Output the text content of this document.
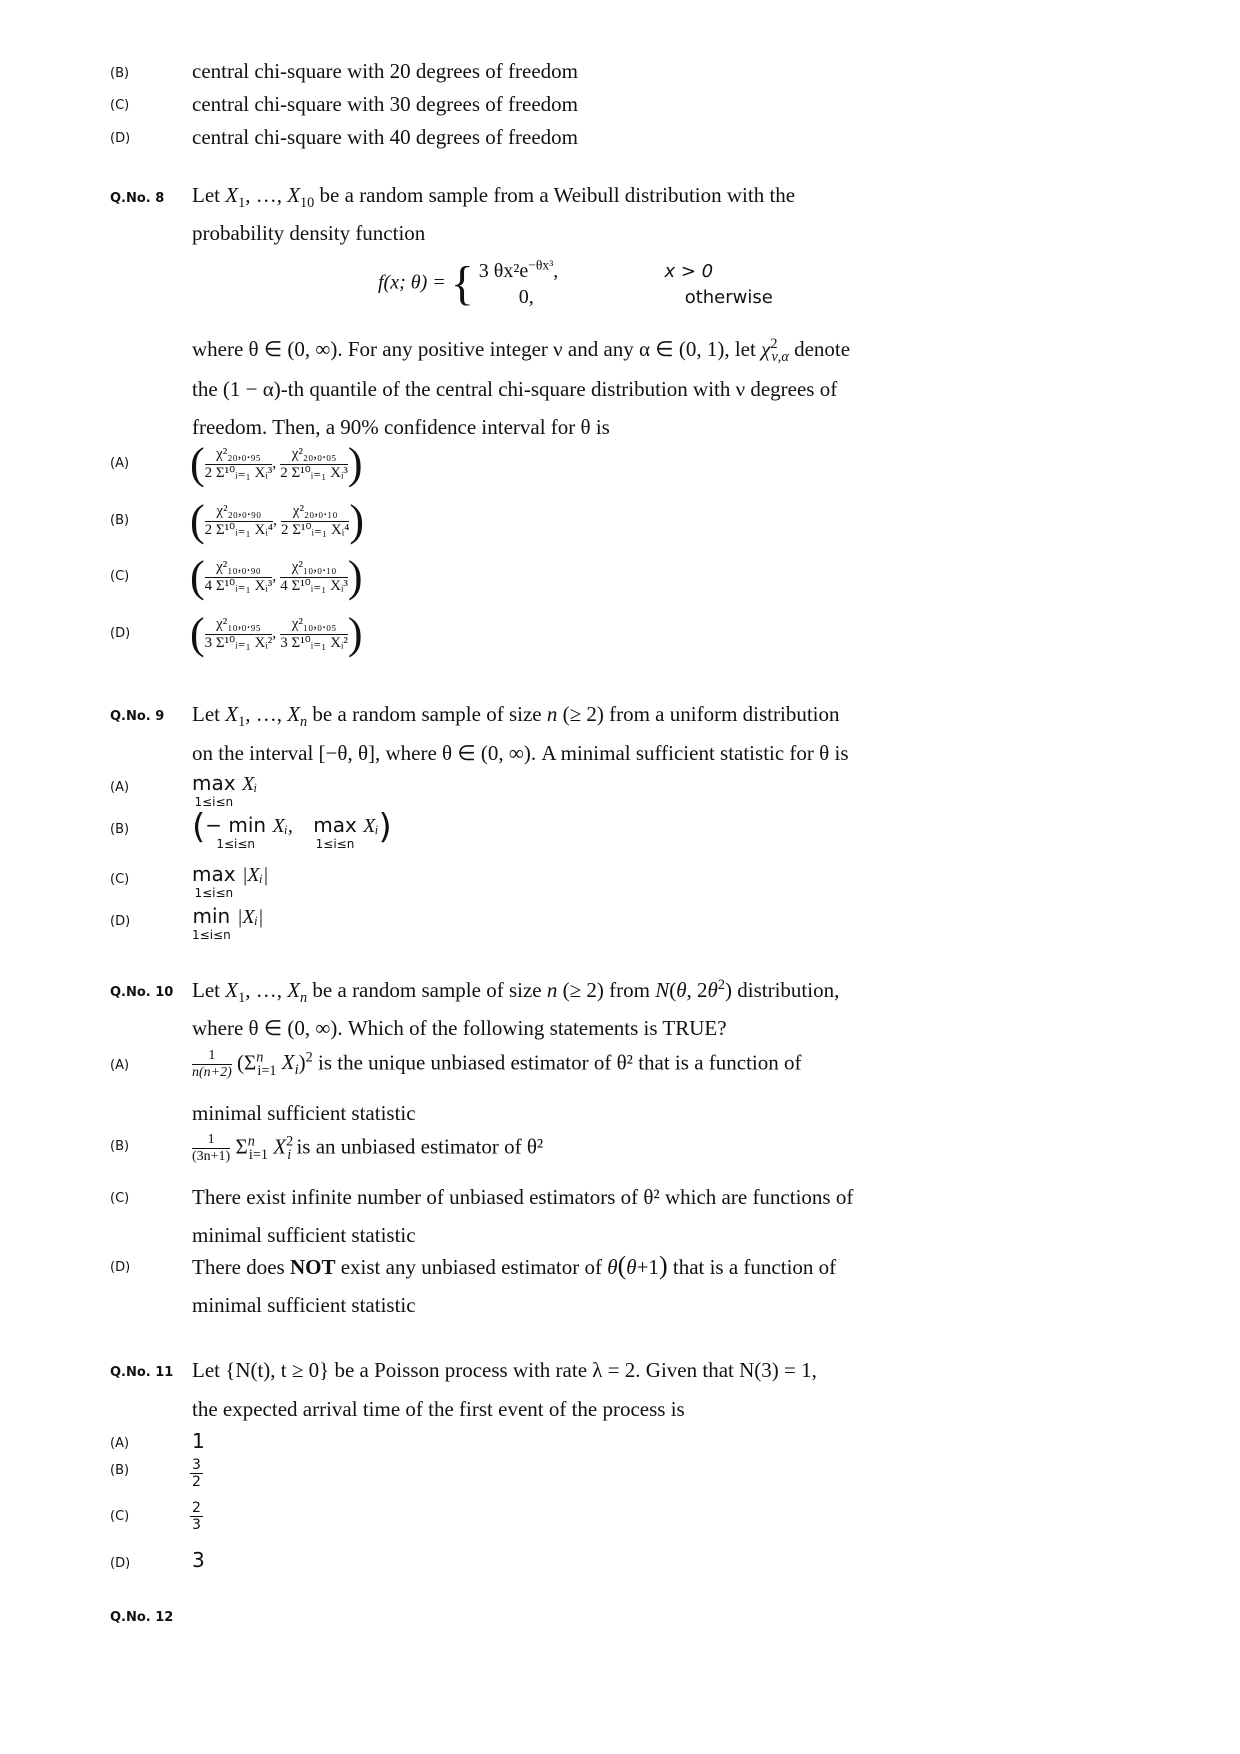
(B)	central chi-square with 20 degrees of freedom
(C)	central chi-square with 30 degrees of freedom
(D)	central chi-square with 40 degrees of freedom
Q.No. 8 Let $X_1$, …, $X_{10}$ be a random sample from a Weibull distribution with the
probability density function
f(x; θ) = { 3 $\theta x^2e^{-\theta x^3}$,	x > 0
0,	otherwise
where θ ∈ (0, ∞). For any positive integer ν and any α ∈ (0, 1), let $\chi^2_{\nu,\alpha}$ denote
the (1 − α)-th quantile of the central chi-square distribution with ν degrees of
freedom. Then, a 90% confidence interval for θ is
(A) ( $\frac{\text{χ²₂₀,₀.₉₅}}{\text{2 Σ¹⁰ᵢ₌₁ Xᵢ³}}$ , $\frac{\text{χ²₂₀,₀.₀₅}}{\text{2 Σ¹⁰ᵢ₌₁ Xᵢ³}}$ )
(B) ( $\frac{\text{χ²₂₀,₀.₉₀}}{\text{2 Σ¹⁰ᵢ₌₁ Xᵢ⁴}}$ , $\frac{\text{χ²₂₀,₀.₁₀}}{\text{2 Σ¹⁰ᵢ₌₁ Xᵢ⁴}}$ )
(C) ( $\frac{\text{χ²₁₀,₀.₉₀}}{\text{4 Σ¹⁰ᵢ₌₁ Xᵢ³}}$ , $\frac{\text{χ²₁₀,₀.₁₀}}{\text{4 Σ¹⁰ᵢ₌₁ Xᵢ³}}$ )
(D) ( $\frac{\text{χ²₁₀,₀.₉₅}}{\text{3 Σ¹⁰ᵢ₌₁ Xᵢ²}}$ , $\frac{\text{χ²₁₀,₀.₀₅}}{\text{3 Σ¹⁰ᵢ₌₁ Xᵢ²}}$ )
Q.No. 9 Let $X_1$, …, $X_n$ be a random sample of size n (≥ 2) from a uniform distribution
on the interval [−θ, θ], where θ ∈ (0, ∞). A minimal sufficient statistic for θ is
(A)	max
1≤i≤n
Xᵢ
(B) (− min
1≤i≤n
Xᵢ, max
1≤i≤n
Xᵢ)
(C)	max
1≤i≤n
|Xᵢ|
(D)	min
1≤i≤n
|Xᵢ|
Q.No. 10 Let $X_1$, …, $X_n$ be a random sample of size n (≥ 2) from N(θ, $2\theta^2$) distribution,
where θ ∈ (0, ∞). Which of the following statements is TRUE?
(A)	$\frac{1}{n(n+2)} (\Sigma^n_{i=1}$ $X_i)^2$ is the unique unbiased estimator of θ² that is a function of
minimal sufficient statistic
(B)	$\frac{1}{(3n+1)} \Sigma^n_{i=1}$ $X^2_i$ is an unbiased estimator of θ²
(C)	There exist infinite number of unbiased estimators of θ² which are functions of
minimal sufficient statistic
(D)	There does NOT exist any unbiased estimator of θ(θ+1) that is a function of
minimal sufficient statistic
Q.No. 11 Let {N(t), t ≥ 0} be a Poisson process with rate λ = 2. Given that N(3) = 1,
the expected arrival time of the first event of the process is
(A)	1
(B)	$\frac{3}{2}$
(C)	$\frac{2}{3}$
(D)	3
Q.No. 12
